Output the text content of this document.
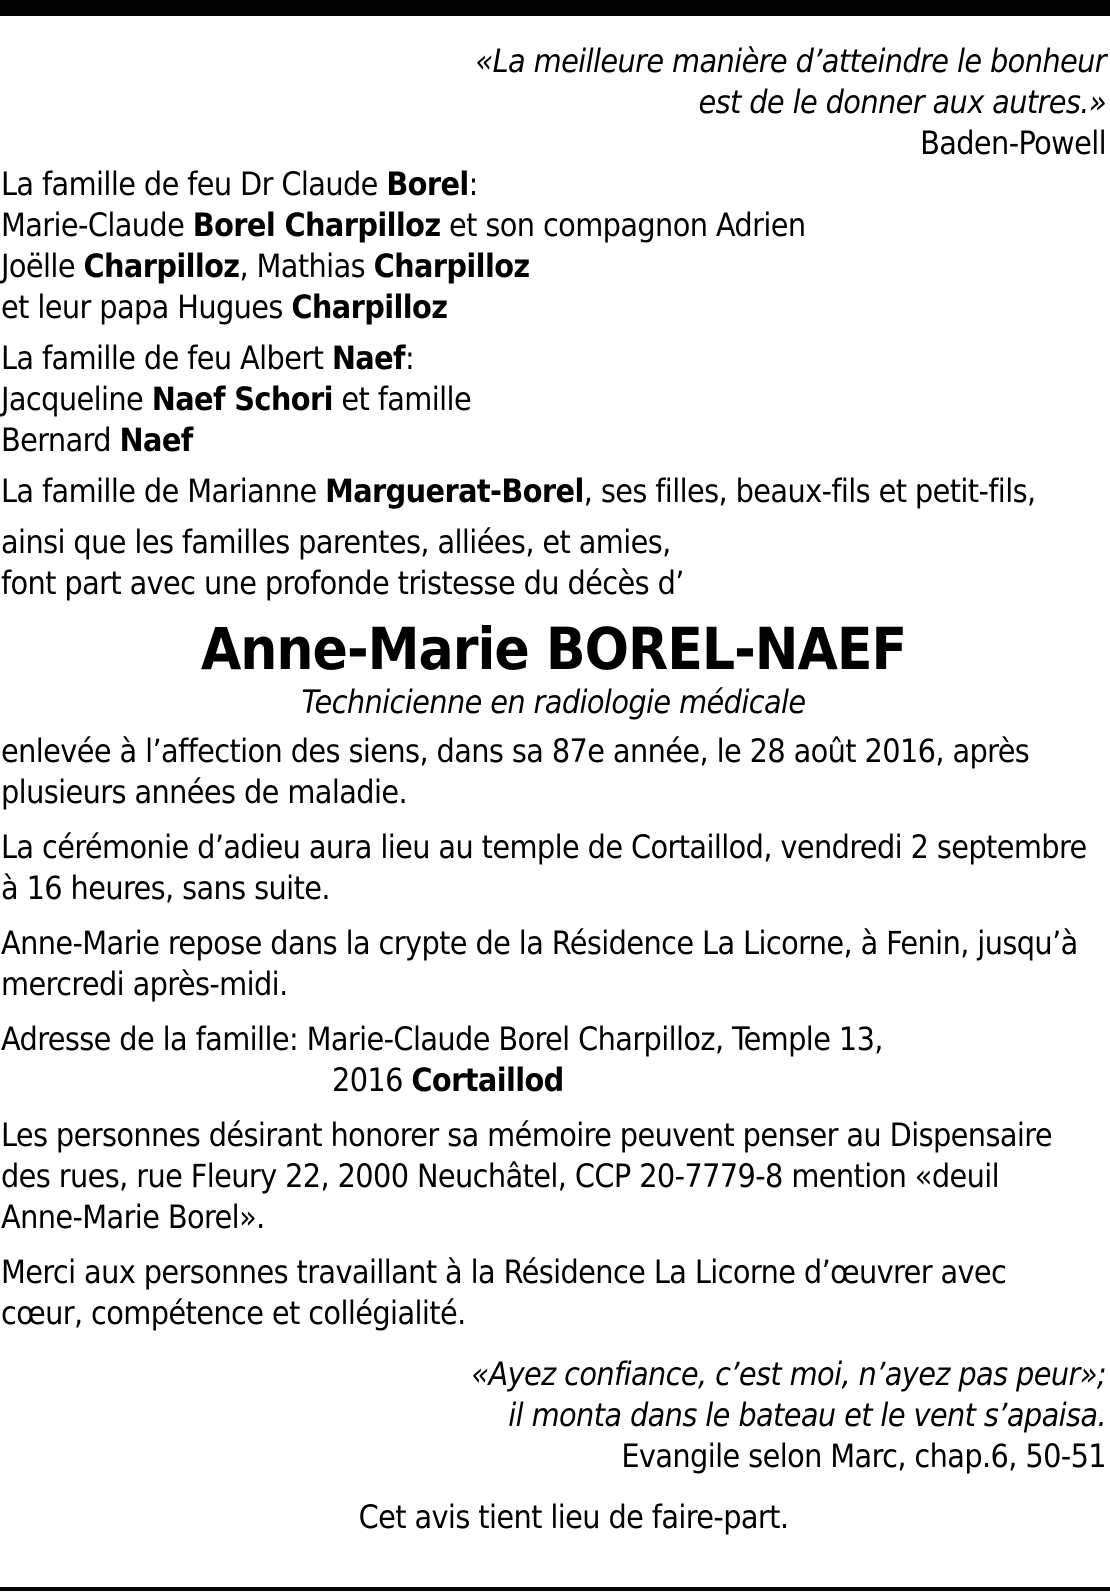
«La meilleure manière d’atteindre le bonheur

est de le donner aux autres.»

Baden-Powell

La famille de feu Dr Claude Borel:

Marie-Claude Borel Charpilloz et son compagnon Adrien

Joëlle Charpilloz, Mathias Charpilloz

et leur papa Hugues Charpilloz

La famille de feu Albert Naef:

Jacqueline Naef Schori et famille

Bernard Naef

La famille de Marianne Marguerat-Borel, ses filles, beaux-fils et petit-fils,

ainsi que les familles parentes, alliées, et amies,

font part avec une profonde tristesse du décès d’

Anne-Marie BOREL-NAEF

Technicienne en radiologie médicale

enlevée à l’affection des siens, dans sa 87e année, le 28 août 2016, après

plusieurs années de maladie.

La cérémonie d’adieu aura lieu au temple de Cortaillod, vendredi 2 septembre

à 16 heures, sans suite.

Anne-Marie repose dans la crypte de la Résidence La Licorne, à Fenin, jusqu’à

mercredi après-midi.

Adresse de la famille: Marie-Claude Borel Charpilloz, Temple 13,

2016 Cortaillod

Les personnes désirant honorer sa mémoire peuvent penser au Dispensaire

des rues, rue Fleury 22, 2000 Neuchâtel, CCP 20-7779-8 mention «deuil

Anne-Marie Borel».

Merci aux personnes travaillant à la Résidence La Licorne d’œuvrer avec

cœur, compétence et collégialité.

«Ayez confiance, c’est moi, n’ayez pas peur»;

il monta dans le bateau et le vent s’apaisa.

Evangile selon Marc, chap.6, 50-51

Cet avis tient lieu de faire-part.
